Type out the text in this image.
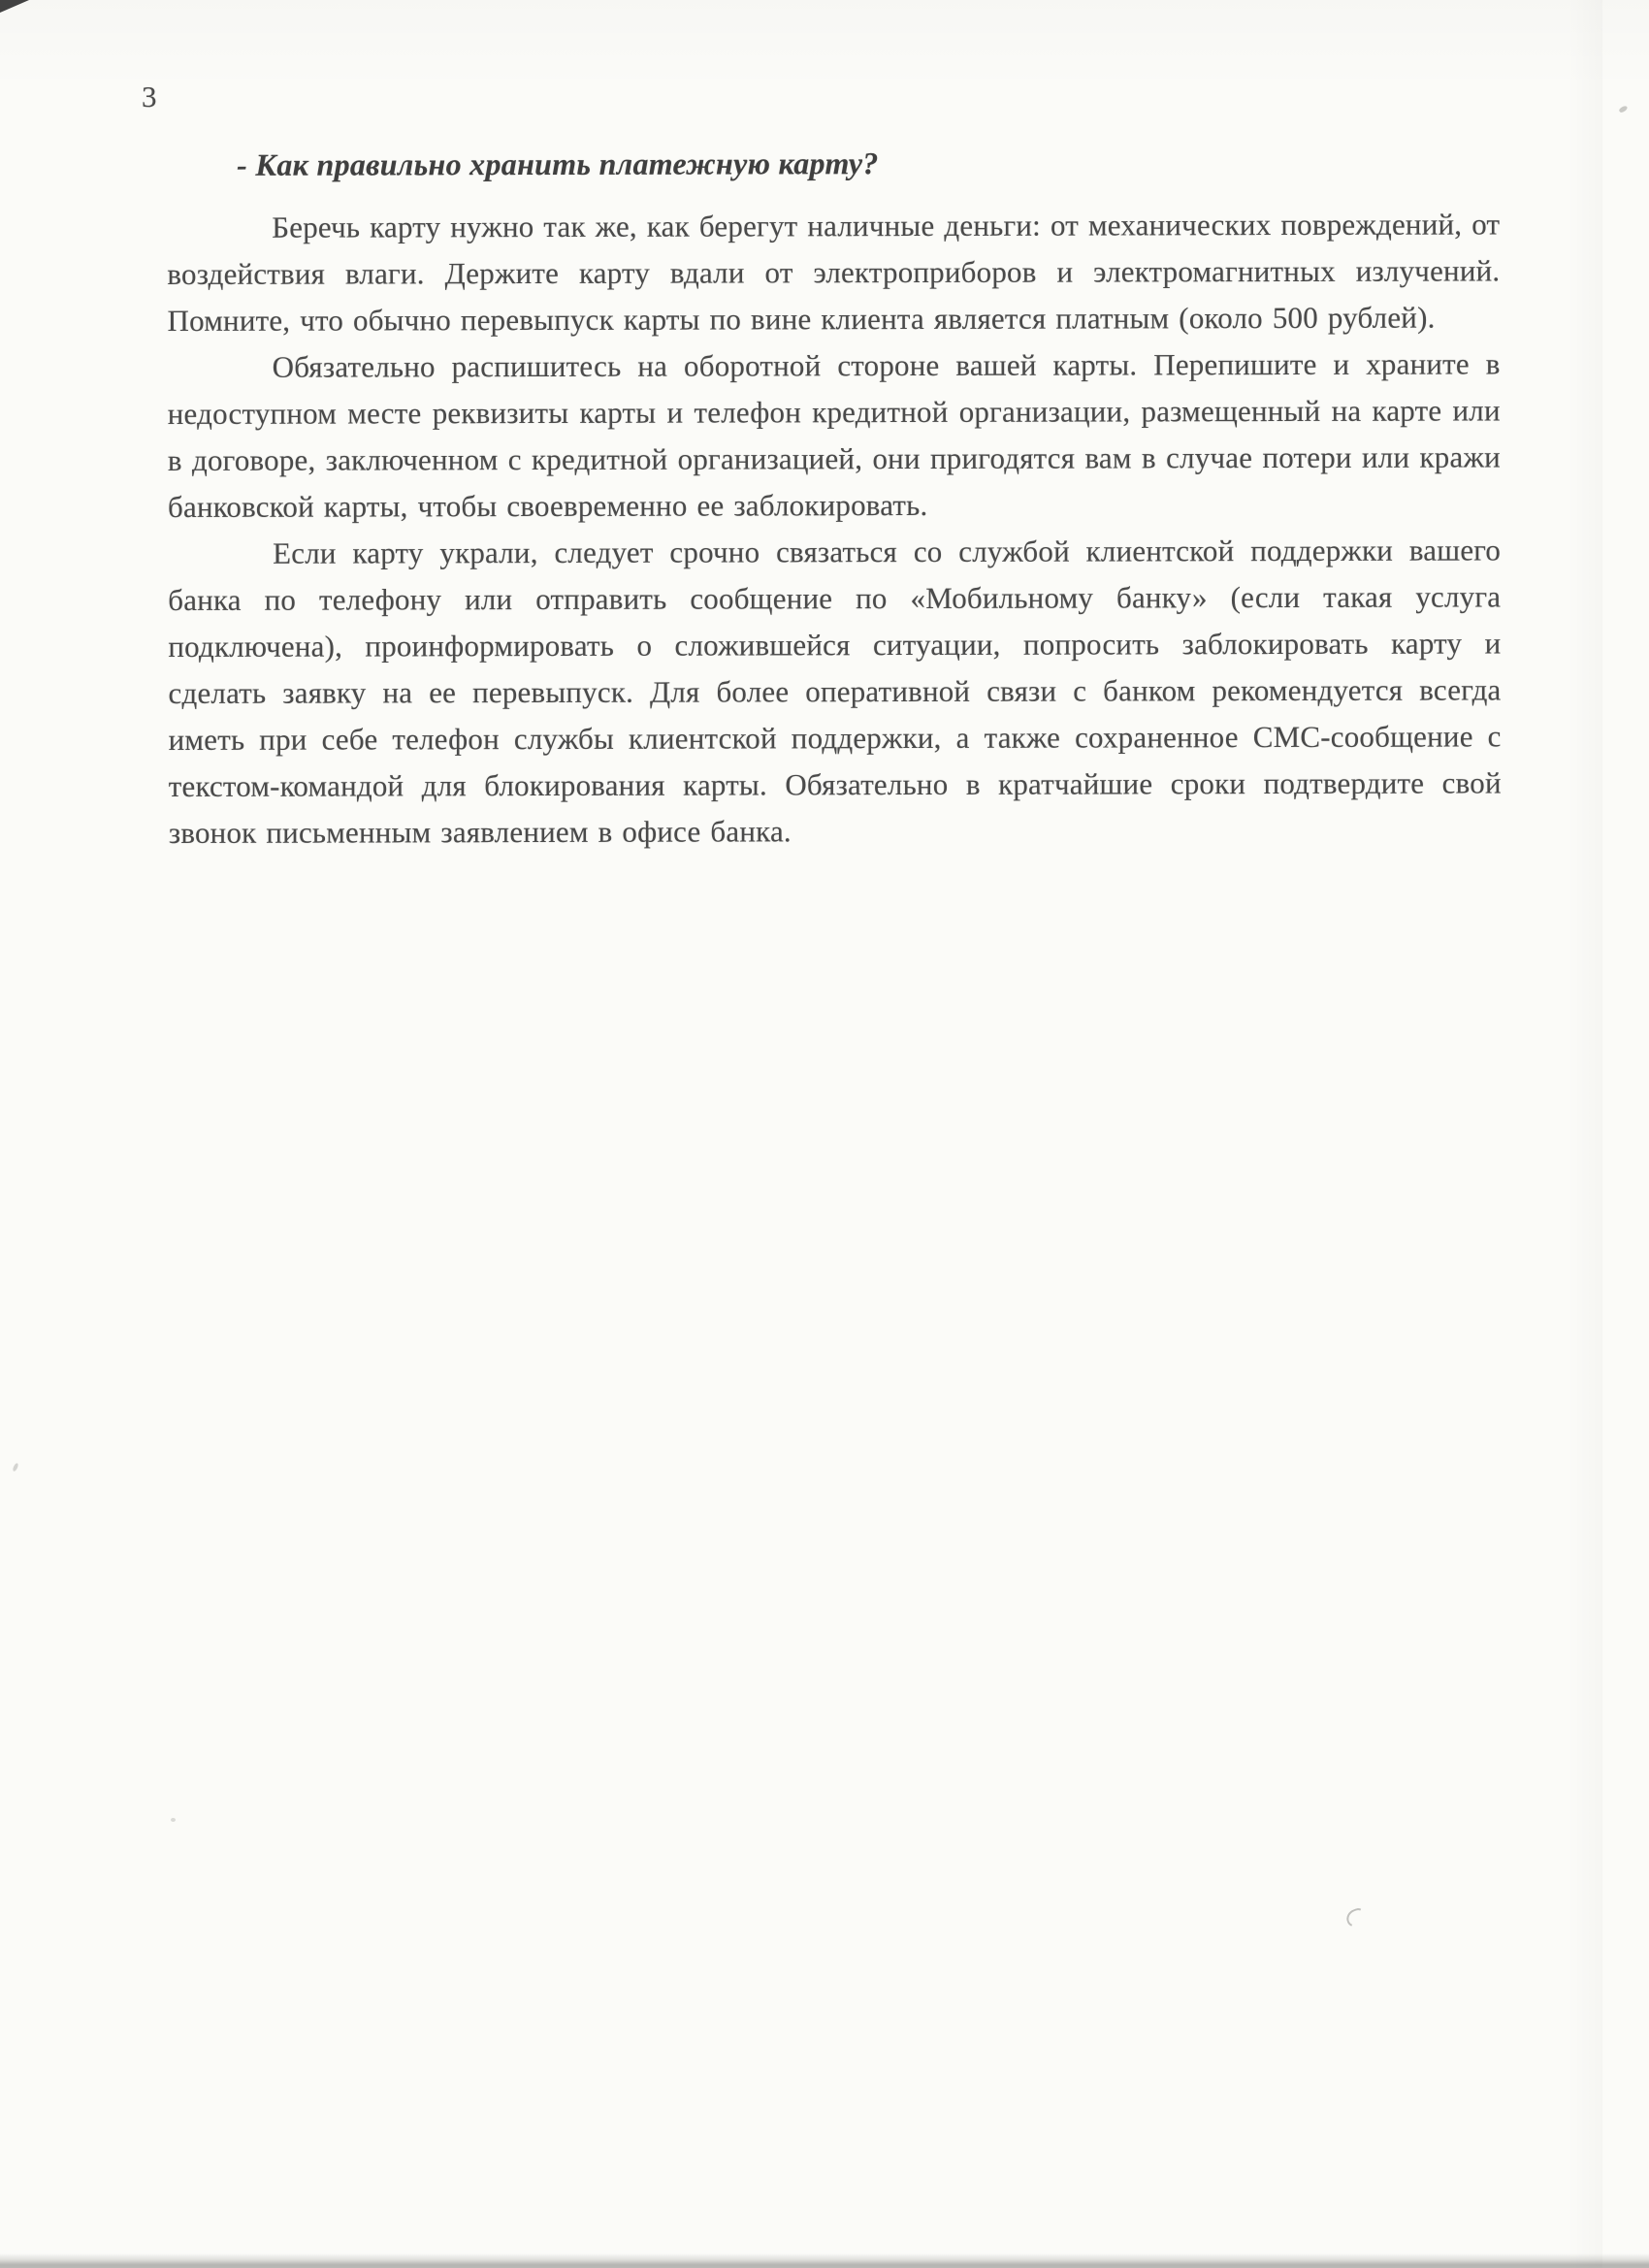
3
- Как правильно хранить платежную карту?

Беречь карту нужно так же, как берегут наличные деньги: от механических повреждений, от воздействия влаги. Держите карту вдали от электроприборов и электромагнитных излучений. Помните, что обычно перевыпуск карты по вине клиента является платным (около 500 рублей).

Обязательно распишитесь на оборотной стороне вашей карты. Перепишите и храните в недоступном месте реквизиты карты и телефон кредитной организации, размещенный на карте или в договоре, заключенном с кредитной организацией, они пригодятся вам в случае потери или кражи банковской карты, чтобы своевременно ее заблокировать.

Если карту украли, следует срочно связаться со службой клиентской поддержки вашего банка по телефону или отправить сообщение по «Мобильному банку» (если такая услуга подключена), проинформировать о сложившейся ситуации, попросить заблокировать карту и сделать заявку на ее перевыпуск. Для более оперативной связи с банком рекомендуется всегда иметь при себе телефон службы клиентской поддержки, а также сохраненное СМС-сообщение с текстом-командой для блокирования карты. Обязательно в кратчайшие сроки подтвердите свой звонок письменным заявлением в офисе банка.
